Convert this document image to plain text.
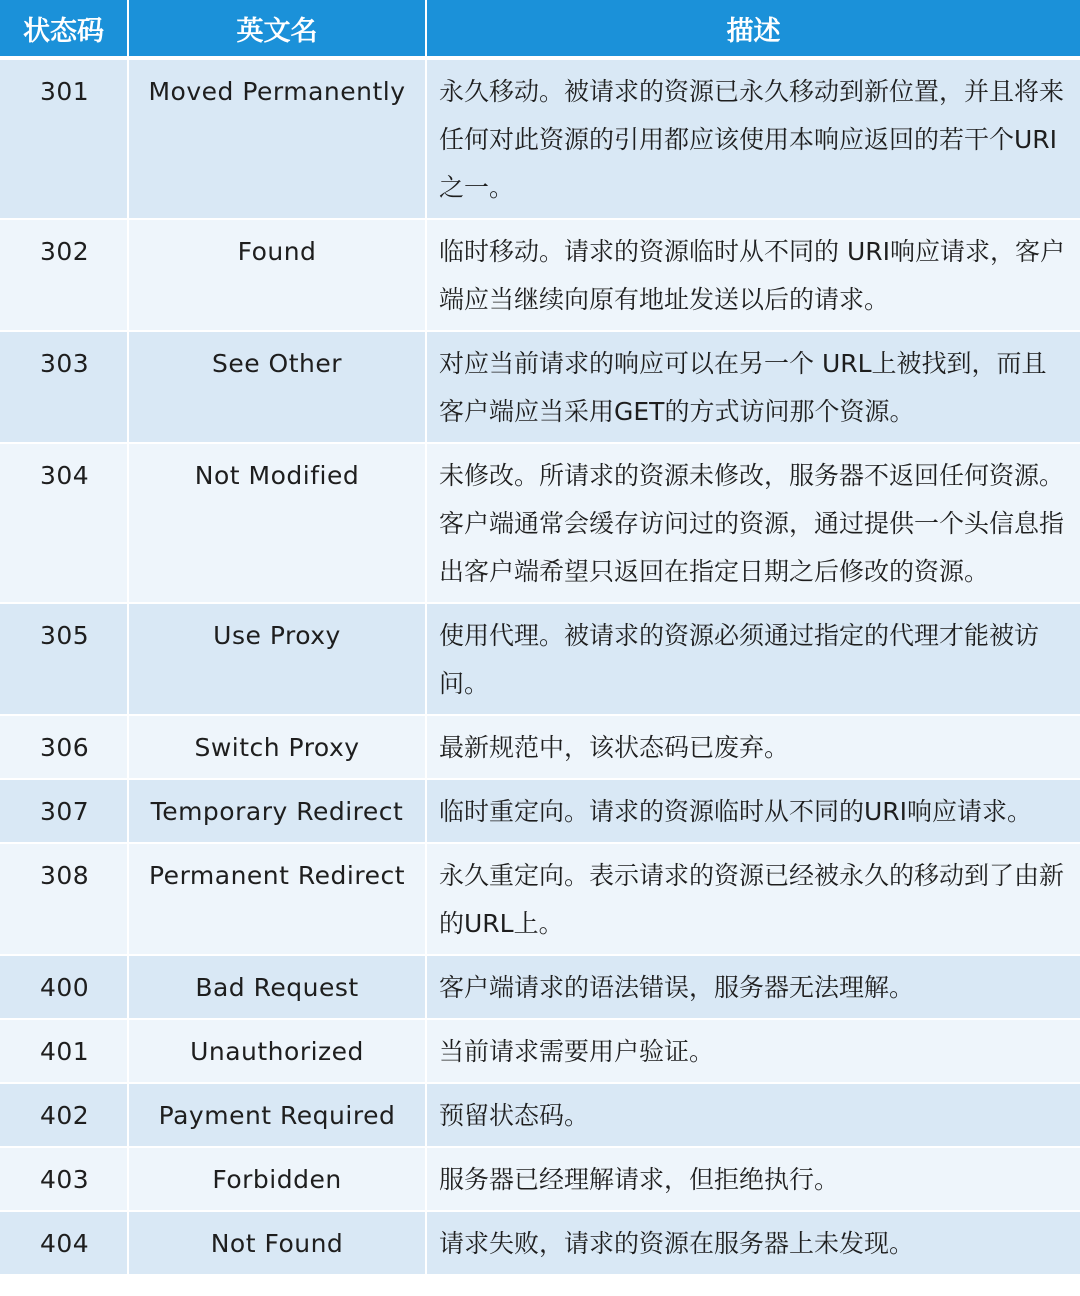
状态码	英文名	描述
301	Moved Permanently	永久移动。被请求的资源已永久移动到新位置，并且将来任何对此资源的引用都应该使用本响应返回的若干个URI之一。
302	Found	临时移动。请求的资源临时从不同的 URI响应请求，客户端应当继续向原有地址发送以后的请求。
303	See Other	对应当前请求的响应可以在另一个 URL上被找到，而且客户端应当采用GET的方式访问那个资源。
304	Not Modified	未修改。所请求的资源未修改，服务器不返回任何资源。客户端通常会缓存访问过的资源，通过提供一个头信息指出客户端希望只返回在指定日期之后修改的资源。
305	Use Proxy	使用代理。被请求的资源必须通过指定的代理才能被访问。
306	Switch Proxy	最新规范中，该状态码已废弃。
307	Temporary Redirect	临时重定向。请求的资源临时从不同的URI响应请求。
308	Permanent Redirect	永久重定向。表示请求的资源已经被永久的移动到了由新的URL上。
400	Bad Request	客户端请求的语法错误，服务器无法理解。
401	Unauthorized	当前请求需要用户验证。
402	Payment Required	预留状态码。
403	Forbidden	服务器已经理解请求，但拒绝执行。
404	Not Found	请求失败，请求的资源在服务器上未发现。
